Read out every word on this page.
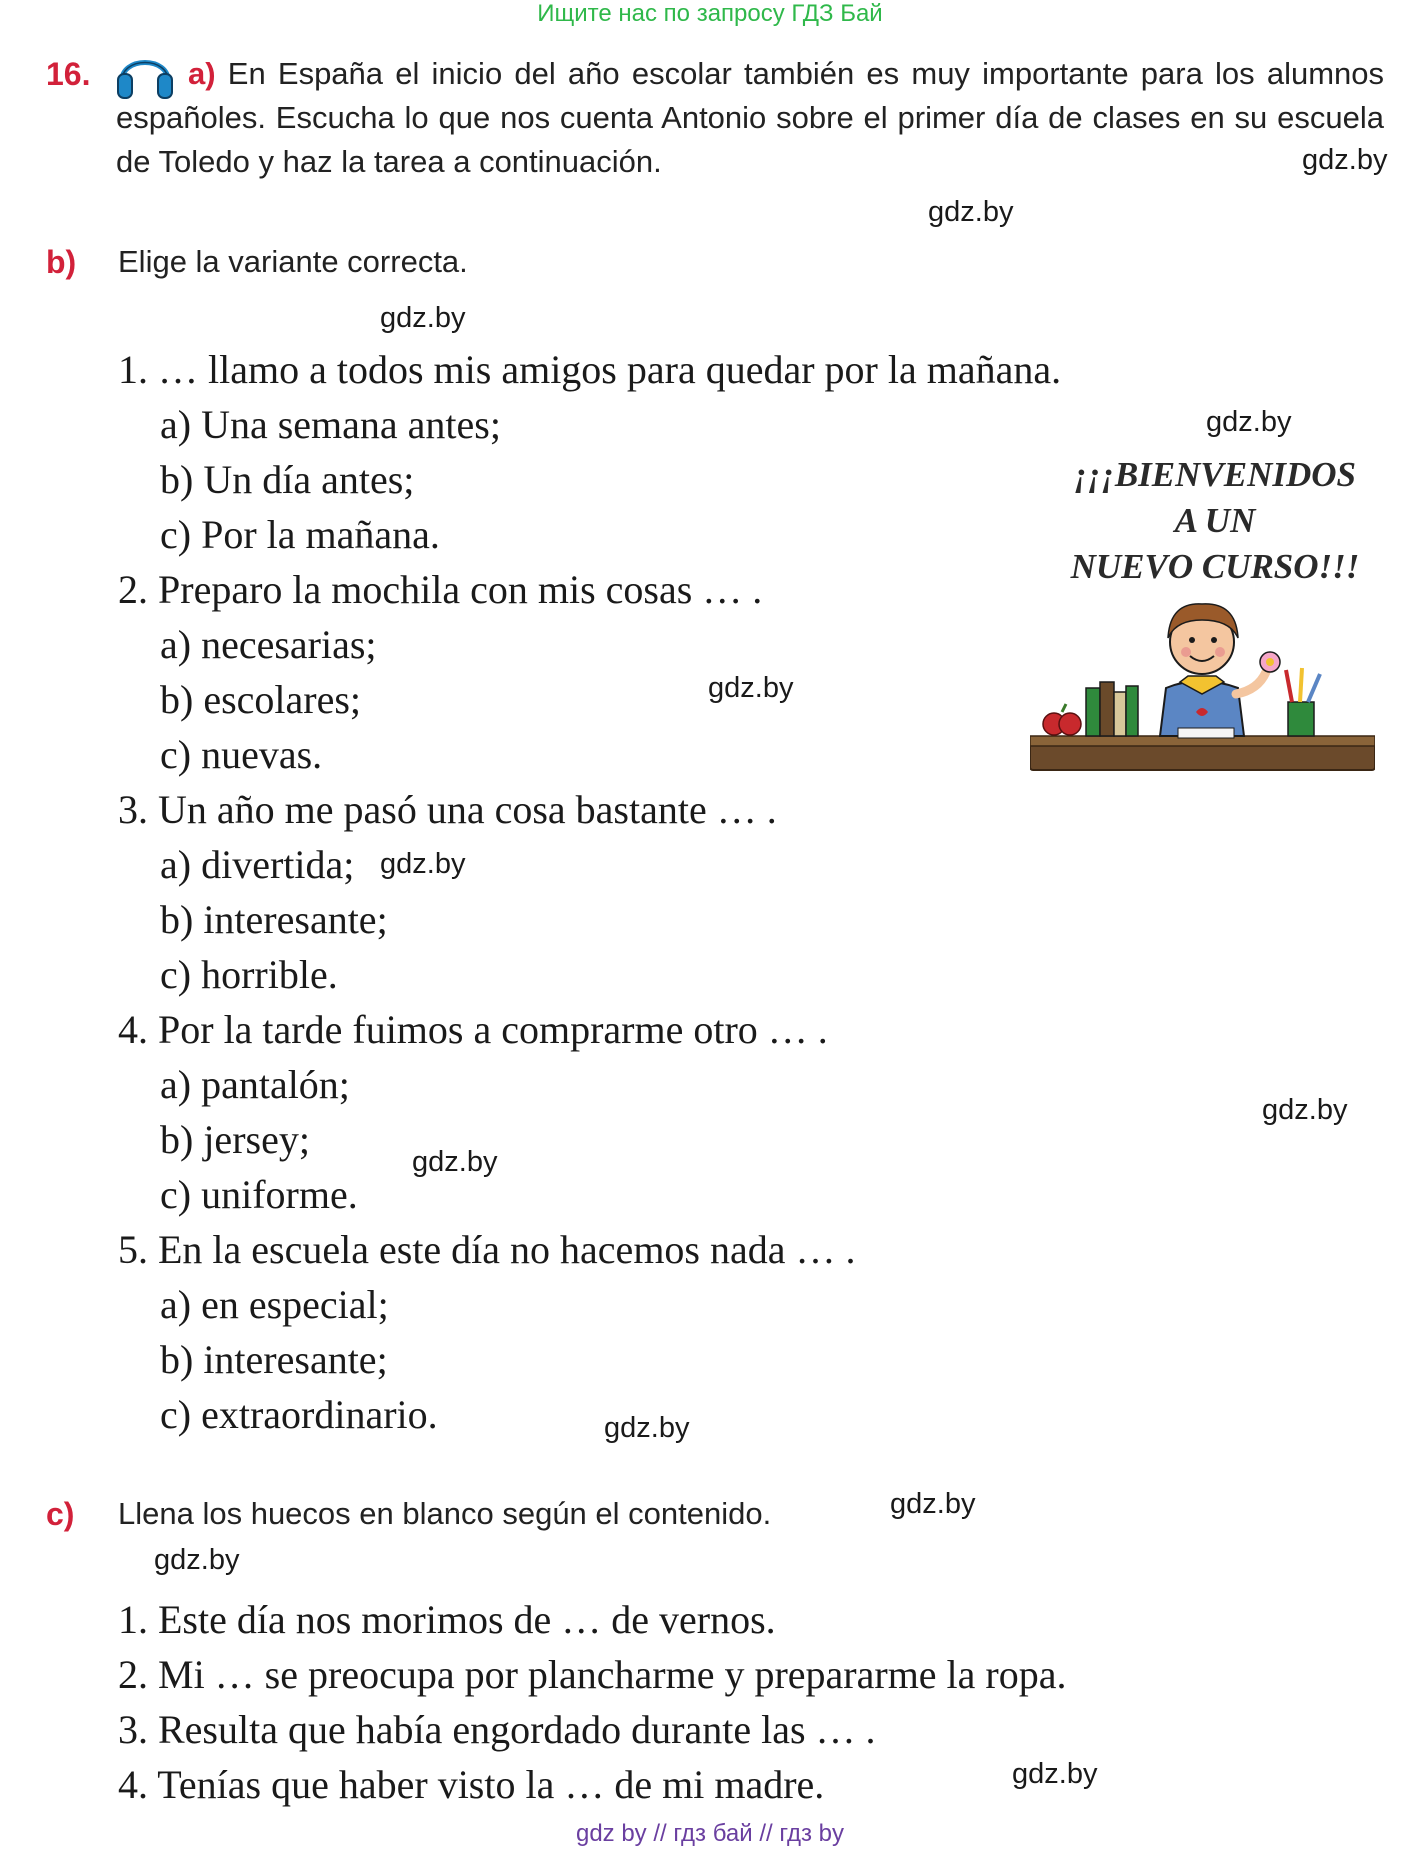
Ищите нас по запросу ГДЗ Бай
16.	a) En España el inicio del año escolar también es muy importante para los alumnos españoles. Escucha lo que nos cuenta Antonio sobre el primer día de clases en su escuela de Toledo y haz la tarea a continuación.
b) Elige la variante correcta.
1. … llamo a todos mis amigos para quedar por la mañana.
a) Una semana antes;
b) Un día antes;
c) Por la mañana.
2. Preparo la mochila con mis cosas … .
a) necesarias;
b) escolares;
c) nuevas.
3. Un año me pasó una cosa bastante … .
a) divertida;
b) interesante;
c) horrible.
4. Por la tarde fuimos a comprarme otro … .
a) pantalón;
b) jersey;
c) uniforme.
5. En la escuela este día no hacemos nada … .
a) en especial;
b) interesante;
c) extraordinario.
¡¡¡BIENVENIDOS
A UN
NUEVO CURSO!!!
c) Llena los huecos en blanco según el contenido.
1. Este día nos morimos de … de vernos.
2. Mi … se preocupa por plancharme y prepararme la ropa.
3. Resulta que había engordado durante las … .
4. Tenías que haber visto la … de mi madre.
gdz.by
gdz.by
gdz.by
gdz.by
gdz.by
gdz.by
gdz.by
gdz.by
gdz.by
gdz.by
gdz.by
gdz.by
gdz by // гдз бай // гдз by
